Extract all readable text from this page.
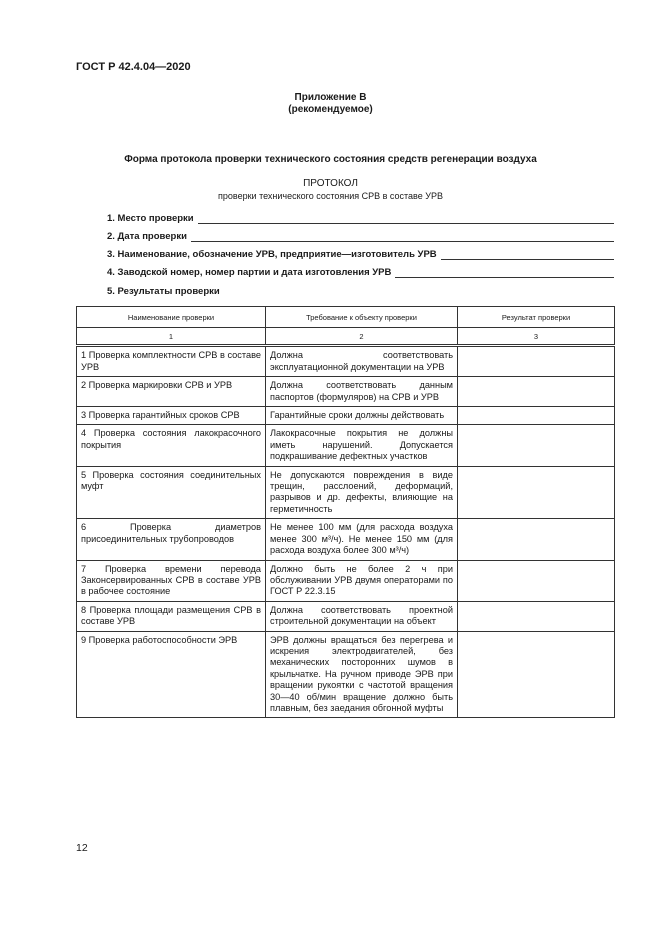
ГОСТ Р 42.4.04—2020
Приложение В
(рекомендуемое)
Форма протокола проверки технического состояния средств регенерации воздуха
ПРОТОКОЛ
проверки технического состояния СРВ в составе УРВ
1. Место проверки
2. Дата проверки
3. Наименование, обозначение УРВ, предприятие—изготовитель УРВ
4. Заводской номер, номер партии и дата изготовления УРВ
5. Результаты проверки
Наименование проверки	Требование к объекту проверки	Результат проверки
1	2	3
1 Проверка комплектности СРВ в составе УРВ	Должна соответствовать эксплуатационной документации на УРВ	
2 Проверка маркировки СРВ и УРВ	Должна соответствовать данным паспортов (формуляров) на СРВ и УРВ	
3 Проверка гарантийных сроков СРВ	Гарантийные сроки должны действовать	
4 Проверка состояния лакокрасочного покрытия	Лакокрасочные покрытия не должны иметь нарушений. Допускается подкрашивание дефектных участков	
5 Проверка состояния соединительных муфт	Не допускаются повреждения в виде трещин, расслоений, деформаций, разрывов и др. дефекты, влияющие на герметичность	
6 Проверка диаметров присоединительных трубопроводов	Не менее 100 мм (для расхода воздуха менее 300 м³/ч). Не менее 150 мм (для расхода воздуха более 300 м³/ч)	
7 Проверка времени перевода Законсервированных СРВ в составе УРВ в рабочее состояние	Должно быть не более 2 ч при обслуживании УРВ двумя операторами по ГОСТ Р 22.3.15	
8 Проверка площади размещения СРВ в составе УРВ	Должна соответствовать проектной строительной документации на объект	
9 Проверка работоспособности ЭРВ	ЭРВ должны вращаться без перегрева и искрения электродвигателей, без механических посторонних шумов в крыльчатке. На ручном приводе ЭРВ при вращении рукоятки с частотой вращения 30—40 об/мин вращение должно быть плавным, без заедания обгонной муфты	
12
